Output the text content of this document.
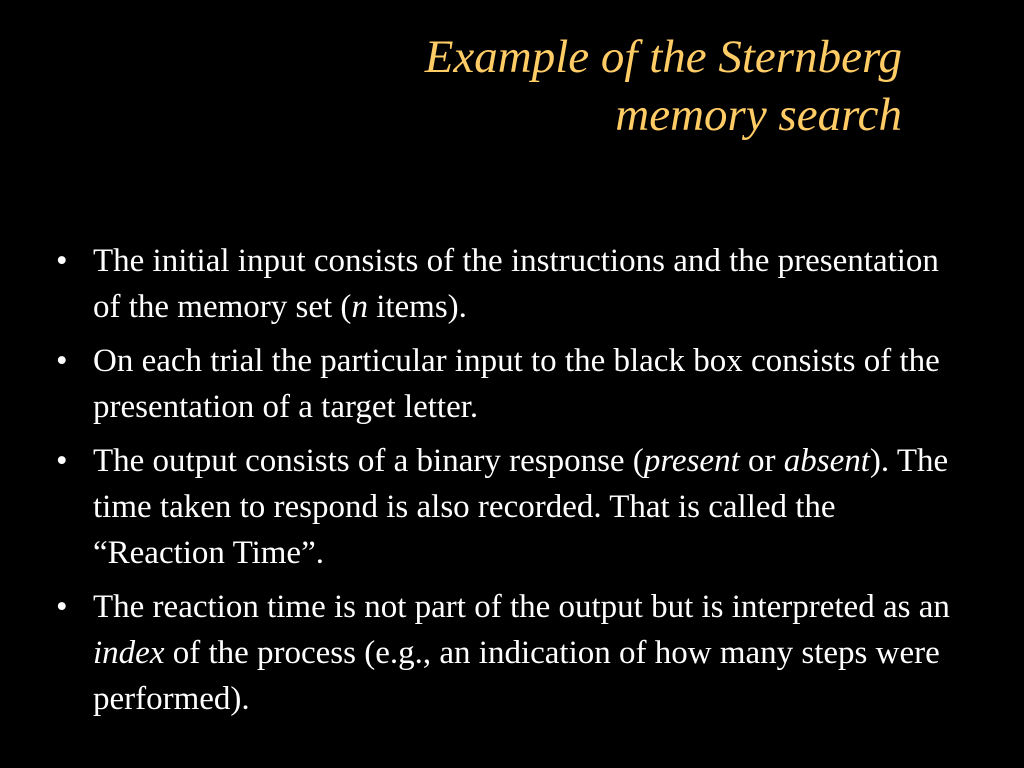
Example of the Sternberg
memory search
• The initial input consists of the instructions and the presentation of the memory set (n items).
• On each trial the particular input to the black box consists of the presentation of a target letter.
• The output consists of a binary response (present or absent). The time taken to respond is also recorded. That is called the “Reaction Time”.
• The reaction time is not part of the output but is interpreted as an index of the process (e.g., an indication of how many steps were performed).
